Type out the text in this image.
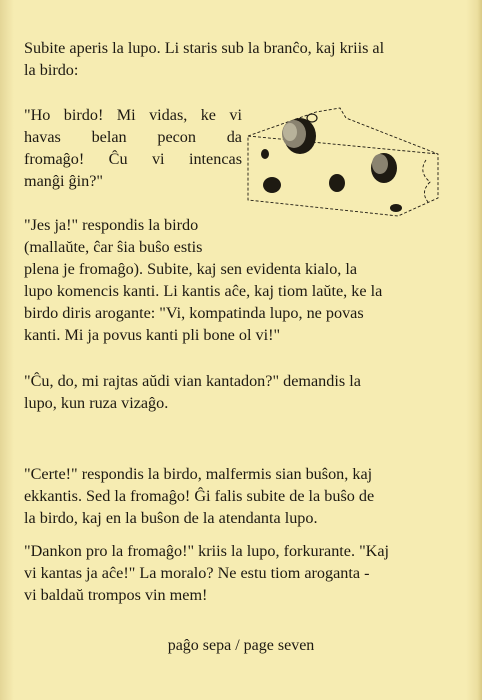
Subite aperis la lupo. Li staris sub la branĉo, kaj kriis al
la birdo:
"Ho birdo! Mi vidas, ke vi
havas belan pecon da
fromaĝo! Ĉu vi intencas
manĝi ĝin?"
"Jes ja!" respondis la birdo
(mallaŭte, ĉar ŝia buŝo estis
plena je fromaĝo). Subite, kaj sen evidenta kialo, la
lupo komencis kanti. Li kantis aĉe, kaj tiom laŭte, ke la
birdo diris arogante: "Vi, kompatinda lupo, ne povas
kanti. Mi ja povus kanti pli bone ol vi!"
"Ĉu, do, mi rajtas aŭdi vian kantadon?" demandis la
lupo, kun ruza vizaĝo.
"Certe!" respondis la birdo, malfermis sian buŝon, kaj
ekkantis. Sed la fromaĝo! Ĝi falis subite de la buŝo de
la birdo, kaj en la buŝon de la atendanta lupo.
"Dankon pro la fromaĝo!" kriis la lupo, forkurante. "Kaj
vi kantas ja aĉe!" La moralo? Ne estu tiom aroganta -
vi baldaŭ trompos vin mem!
paĝo sepa / page seven
